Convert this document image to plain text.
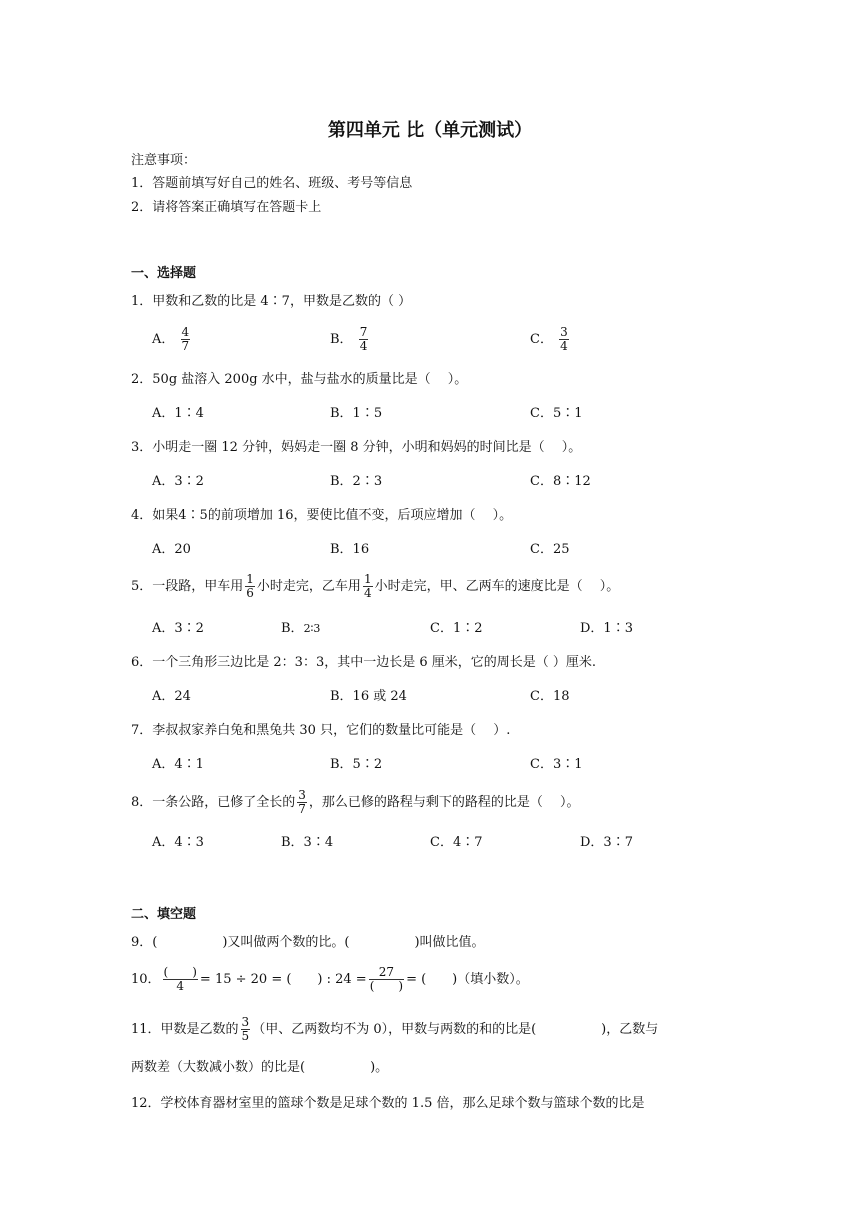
第四单元 比（单元测试）
注意事项：
1．答题前填写好自己的姓名、班级、考号等信息
2．请将答案正确填写在答题卡上
一、选择题
1．甲数和乙数的比是 4∶7，甲数是乙数的（ ）
A． $\frac{4}{7}$	B． $\frac{7}{4}$	C． $\frac{3}{4}$
2．50g 盐溶入 200g 水中，盐与盐水的质量比是（　 ）。
A．1∶4	B．1∶5	C．5∶1
3．小明走一圈 12 分钟，妈妈走一圈 8 分钟，小明和妈妈的时间比是（　 ）。
A．3∶2	B．2∶3	C．8∶12
4．如果4∶5的前项增加 16，要使比值不变，后项应增加（　 ）。
A．20	B．16	C．25
5．一段路，甲车用 $\frac{1}{6}$ 小时走完，乙车用 $\frac{1}{4}$ 小时走完，甲、乙两车的速度比是（　 ）。
A．3∶2	B．2∶3	C．1∶2	D．1∶3
6．一个三角形三边比是 2：3：3，其中一边长是 6 厘米，它的周长是（ ）厘米.
A．24	B．16 或 24	C．18
7．李叔叔家养白兔和黑兔共 30 只，它们的数量比可能是（　 ）.
A．4∶1	B．5∶2	C．3∶1
8．一条公路，已修了全长的 $\frac{3}{7}$ ，那么已修的路程与剩下的路程的比是（　 ）。
A．4∶3	B．3∶4	C．4∶7	D．3∶7
二、填空题
9．(　　　　　)又叫做两个数的比。(　　　　　)叫做比值。
10． $\frac{( )}{4} = 15 \div 20$ = (　　) : $24 = \frac{27}{( )}$ = (　　)（填小数）。
11．甲数是乙数的 $\frac{3}{5}$ （甲、乙两数均不为 0），甲数与两数的和的比是(　　　　　)，乙数与
两数差（大数减小数）的比是(　　　　　)。
12．学校体育器材室里的篮球个数是足球个数的 1.5 倍，那么足球个数与篮球个数的比是
